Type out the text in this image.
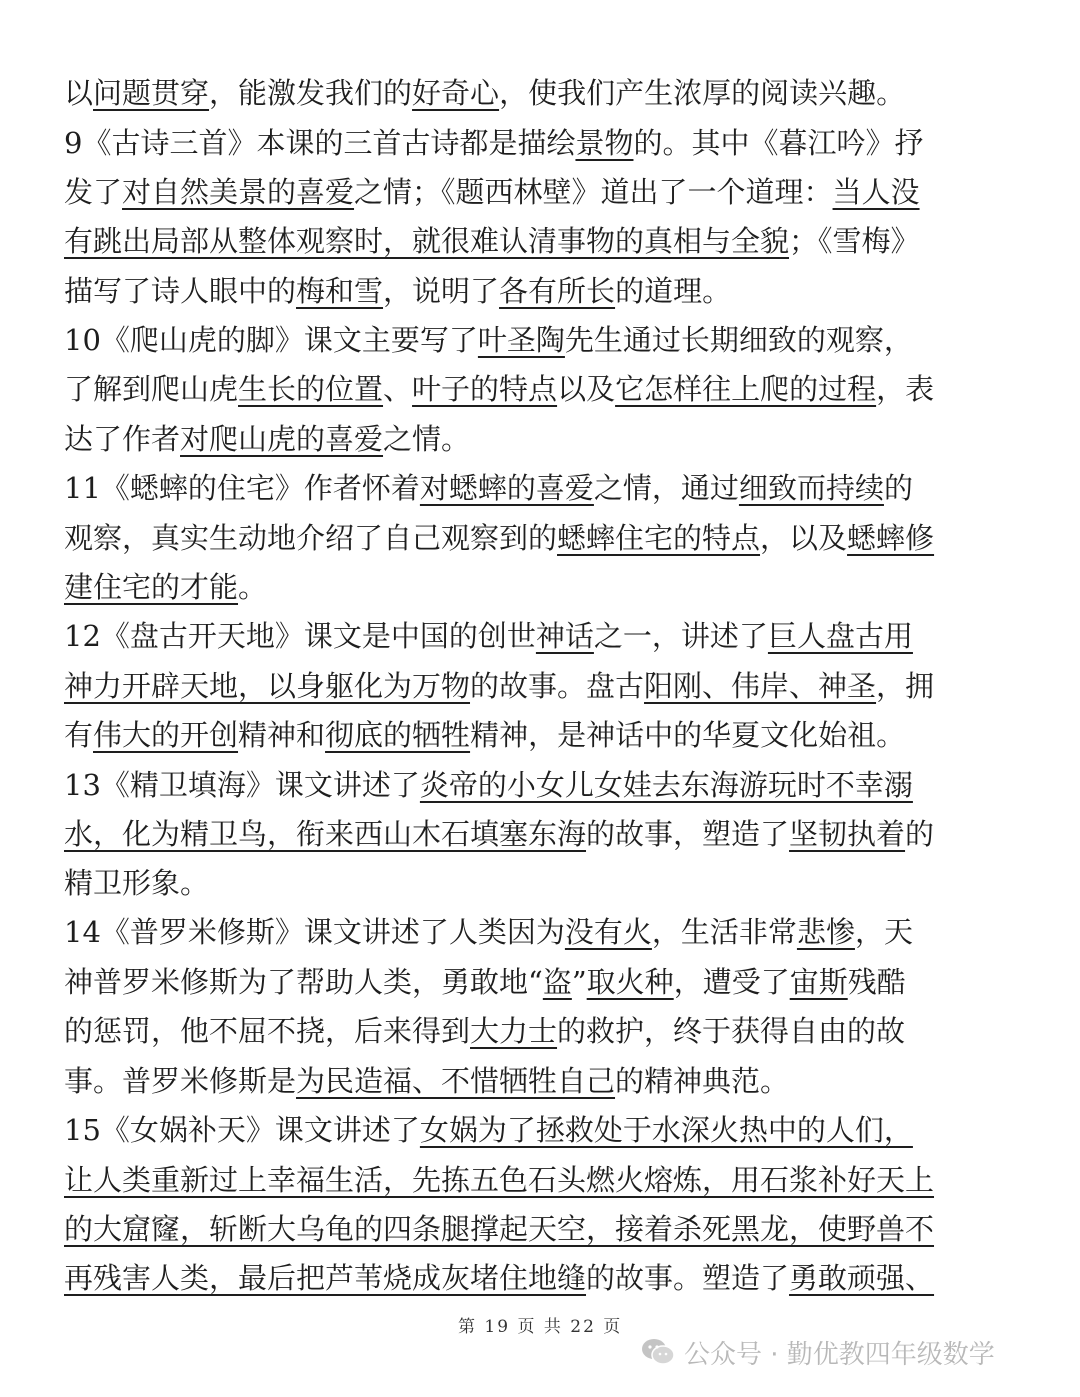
以问题贯穿，能激发我们的好奇心，使我们产生浓厚的阅读兴趣。
9《古诗三首》本课的三首古诗都是描绘景物的。其中《暮江吟》抒
发了对自然美景的喜爱之情；《题西林壁》道出了一个道理：当人没
有跳出局部从整体观察时，就很难认清事物的真相与全貌；《雪梅》
描写了诗人眼中的梅和雪，说明了各有所长的道理。
10《爬山虎的脚》课文主要写了叶圣陶先生通过长期细致的观察，
了解到爬山虎生长的位置、叶子的特点以及它怎样往上爬的过程，表
达了作者对爬山虎的喜爱之情。
11《蟋蟀的住宅》作者怀着对蟋蟀的喜爱之情，通过细致而持续的
观察，真实生动地介绍了自己观察到的蟋蟀住宅的特点，以及蟋蟀修
建住宅的才能。
12《盘古开天地》课文是中国的创世神话之一，讲述了巨人盘古用
神力开辟天地，以身躯化为万物的故事。盘古阳刚、伟岸、神圣，拥
有伟大的开创精神和彻底的牺牲精神，是神话中的华夏文化始祖。
13《精卫填海》课文讲述了炎帝的小女儿女娃去东海游玩时不幸溺
水，化为精卫鸟，衔来西山木石填塞东海的故事，塑造了坚韧执着的
精卫形象。
14《普罗米修斯》课文讲述了人类因为没有火，生活非常悲惨，天
神普罗米修斯为了帮助人类，勇敢地“盗”取火种，遭受了宙斯残酷
的惩罚，他不屈不挠，后来得到大力士的救护，终于获得自由的故
事。普罗米修斯是为民造福、不惜牺牲自己的精神典范。
15《女娲补天》课文讲述了女娲为了拯救处于水深火热中的人们，
让人类重新过上幸福生活，先拣五色石头燃火熔炼，用石浆补好天上
的大窟窿，斩断大乌龟的四条腿撑起天空，接着杀死黑龙，使野兽不
再残害人类，最后把芦苇烧成灰堵住地缝的故事。塑造了勇敢顽强、
第 19 页 共 22 页
公众号 · 勤优教四年级数学
